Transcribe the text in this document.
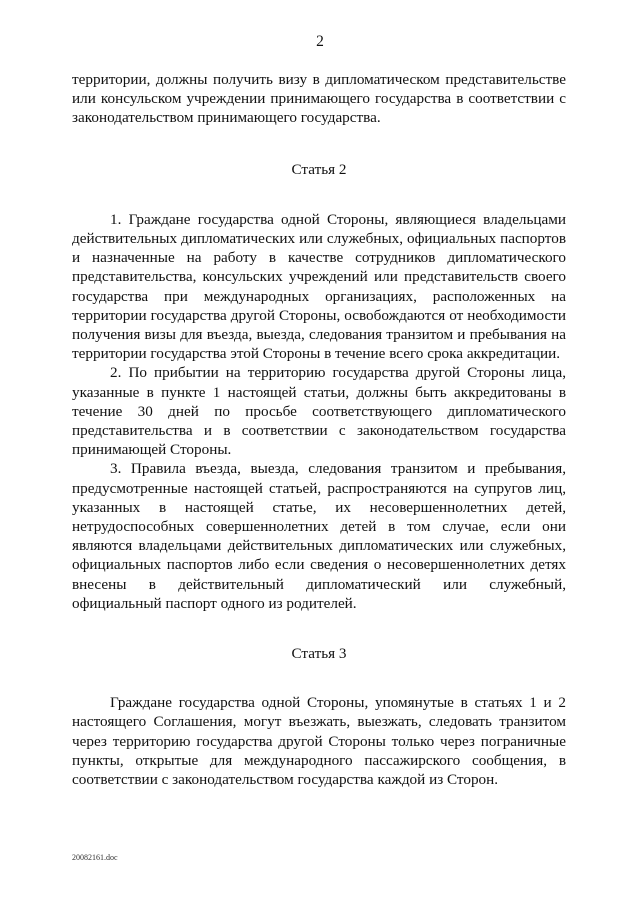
2

территории, должны получить визу в дипломатическом представительстве или консульском учреждении принимающего государства в соответствии с законодательством принимающего государства.

Статья 2

1. Граждане государства одной Стороны, являющиеся владельцами действительных дипломатических или служебных, официальных паспортов и назначенные на работу в качестве сотрудников дипломатического представительства, консульских учреждений или представительств своего государства при международных организациях, расположенных на территории государства другой Стороны, освобождаются от необходимости получения визы для въезда, выезда, следования транзитом и пребывания на территории государства этой Стороны в течение всего срока аккредитации.

2. По прибытии на территорию государства другой Стороны лица, указанные в пункте 1 настоящей статьи, должны быть аккредитованы в течение 30 дней по просьбе соответствующего дипломатического представительства и в соответствии с законодательством государства принимающей Стороны.

3. Правила въезда, выезда, следования транзитом и пребывания, предусмотренные настоящей статьей, распространяются на супругов лиц, указанных в настоящей статье, их несовершеннолетних детей, нетрудоспособных совершеннолетних детей в том случае, если они являются владельцами действительных дипломатических или служебных, официальных паспортов либо если сведения о несовершеннолетних детях внесены в действительный дипломатический или служебный, официальный паспорт одного из родителей.

Статья 3

Граждане государства одной Стороны, упомянутые в статьях 1 и 2 настоящего Соглашения, могут въезжать, выезжать, следовать транзитом через территорию государства другой Стороны только через пограничные пункты, открытые для международного пассажирского сообщения, в соответствии с законодательством государства каждой из Сторон.

20082161.doc
